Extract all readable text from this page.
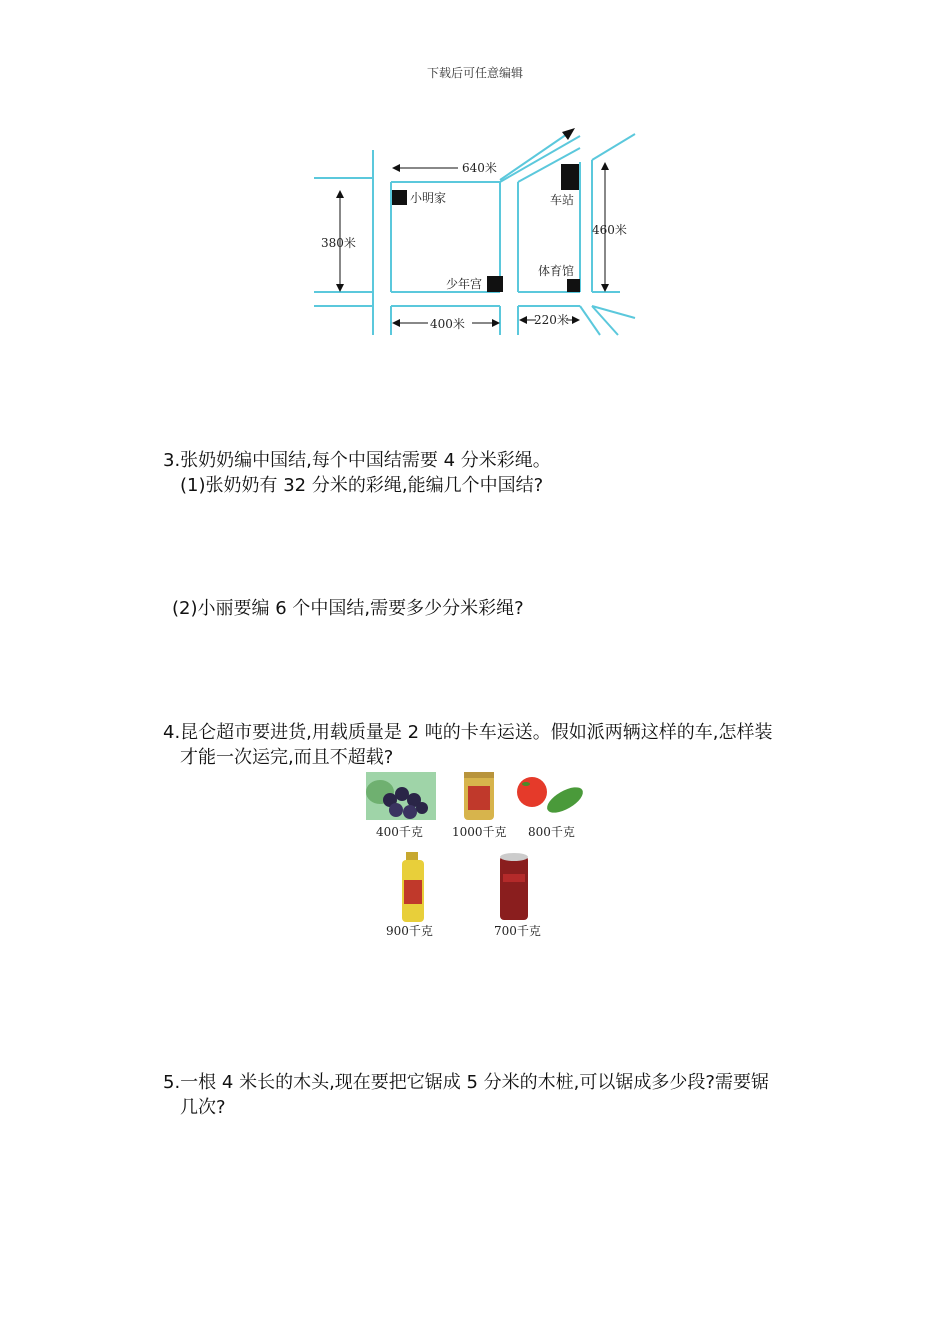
下载后可任意编辑
小明家	车站
少年宫
体育馆
640米
380米
460米
400米	220米

3.张奶奶编中国结,每个中国结需要 4 分米彩绳。

(1)张奶奶有 32 分米的彩绳,能编几个中国结?

(2)小丽要编 6 个中国结,需要多少分米彩绳?

4.昆仑超市要进货,用载质量是 2 吨的卡车运送。假如派两辆这样的车,怎样装

才能一次运完,而且不超载?

400千克 1000千克 800千克
900千克	700千克

5.一根 4 米长的木头,现在要把它锯成 5 分米的木桩,可以锯成多少段?需要锯

几次?
